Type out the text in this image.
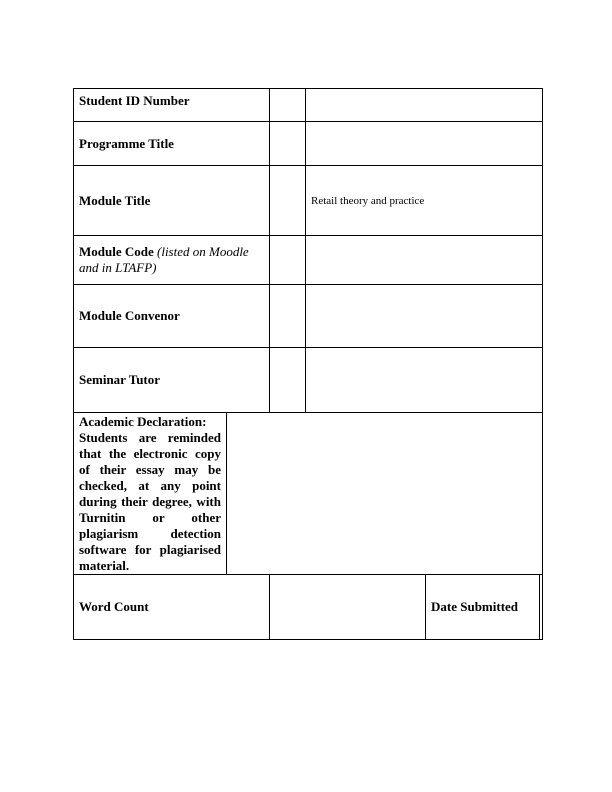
Student ID Number
Programme Title
Module Title	Retail theory and practice
Module Code (listed on Moodle and in LTAFP)
Module Convenor
Seminar Tutor
Academic Declaration:
Students are reminded that the electronic copy of their essay may be checked, at any point during their degree, with Turnitin or other plagiarism detection software for plagiarised material.
Word Count	Date Submitted
